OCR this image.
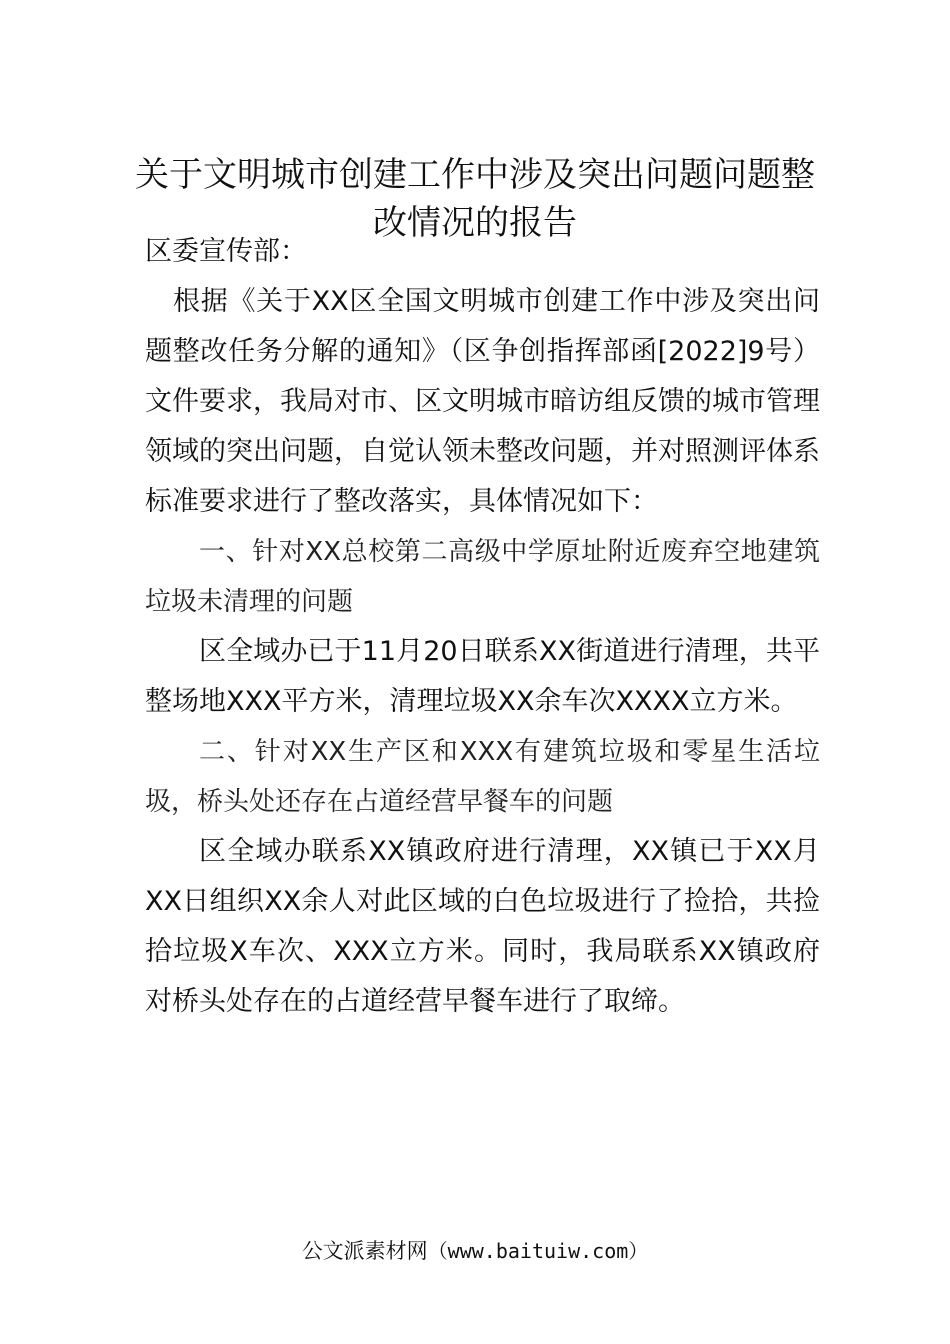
关于文明城市创建工作中涉及突出问题问题整改情况的报告

区委宣传部：

根据《关于XX区全国文明城市创建工作中涉及突出问题整改任务分解的通知》（区争创指挥部函[2022]9号）文件要求，我局对市、区文明城市暗访组反馈的城市管理领域的突出问题，自觉认领未整改问题，并对照测评体系标准要求进行了整改落实，具体情况如下：

一、针对XX总校第二高级中学原址附近废弃空地建筑垃圾未清理的问题

区全域办已于11月20日联系XX街道进行清理，共平整场地XXX平方米，清理垃圾XX余车次XXXX立方米。

二、针对XX生产区和XXX有建筑垃圾和零星生活垃圾，桥头处还存在占道经营早餐车的问题

区全域办联系XX镇政府进行清理，XX镇已于XX月XX日组织XX余人对此区域的白色垃圾进行了捡拾，共捡拾垃圾X车次、XXX立方米。同时，我局联系XX镇政府对桥头处存在的占道经营早餐车进行了取缔。

公文派素材网（www.baituiw.com）
